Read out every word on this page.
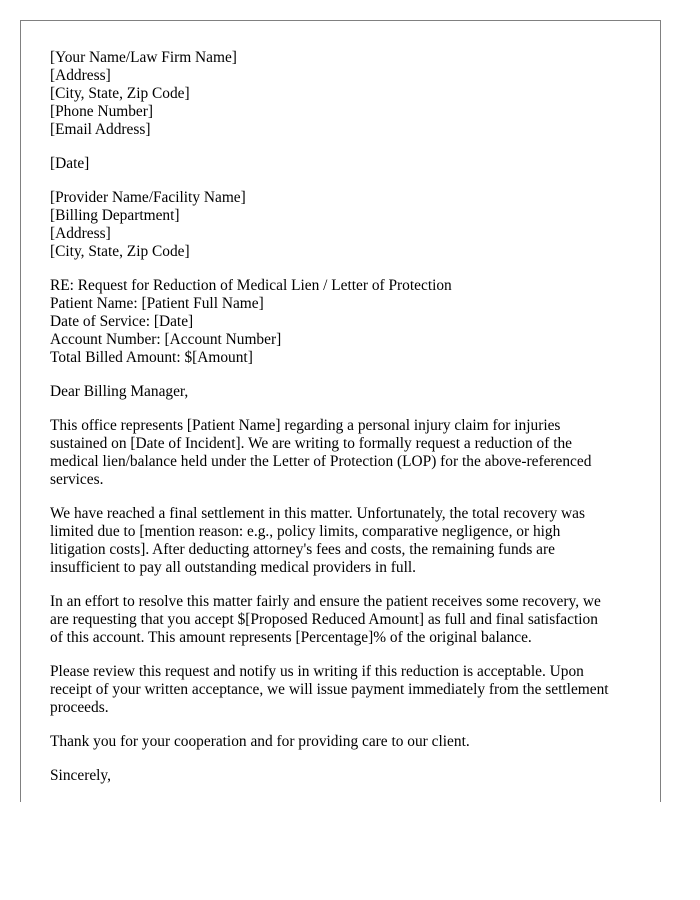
[Your Name/Law Firm Name]
[Address]
[City, State, Zip Code]
[Phone Number]
[Email Address]
[Date]
[Provider Name/Facility Name]
[Billing Department]
[Address]
[City, State, Zip Code]
RE: Request for Reduction of Medical Lien / Letter of Protection
Patient Name: [Patient Full Name]
Date of Service: [Date]
Account Number: [Account Number]
Total Billed Amount: $[Amount]
Dear Billing Manager,

This office represents [Patient Name] regarding a personal injury claim for injuries
sustained on [Date of Incident]. We are writing to formally request a reduction of the
medical lien/balance held under the Letter of Protection (LOP) for the above-referenced
services.

We have reached a final settlement in this matter. Unfortunately, the total recovery was
limited due to [mention reason: e.g., policy limits, comparative negligence, or high
litigation costs]. After deducting attorney's fees and costs, the remaining funds are
insufficient to pay all outstanding medical providers in full.

In an effort to resolve this matter fairly and ensure the patient receives some recovery, we
are requesting that you accept $[Proposed Reduced Amount] as full and final satisfaction
of this account. This amount represents [Percentage]% of the original balance.

Please review this request and notify us in writing if this reduction is acceptable. Upon
receipt of your written acceptance, we will issue payment immediately from the settlement
proceeds.

Thank you for your cooperation and for providing care to our client.

Sincerely,
